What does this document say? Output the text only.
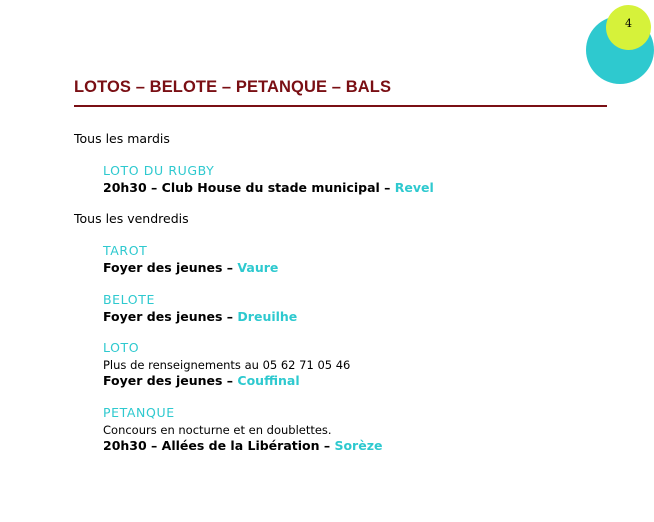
4
LOTOS – BELOTE – PETANQUE – BALS
Tous les mardis
LOTO DU RUGBY
20h30 – Club House du stade municipal – Revel
Tous les vendredis
TAROT
Foyer des jeunes – Vaure
BELOTE
Foyer des jeunes – Dreuilhe
LOTO
Plus de renseignements au 05 62 71 05 46
Foyer des jeunes – Couffinal
PETANQUE
Concours en nocturne et en doublettes.
20h30 – Allées de la Libération – Sorèze
